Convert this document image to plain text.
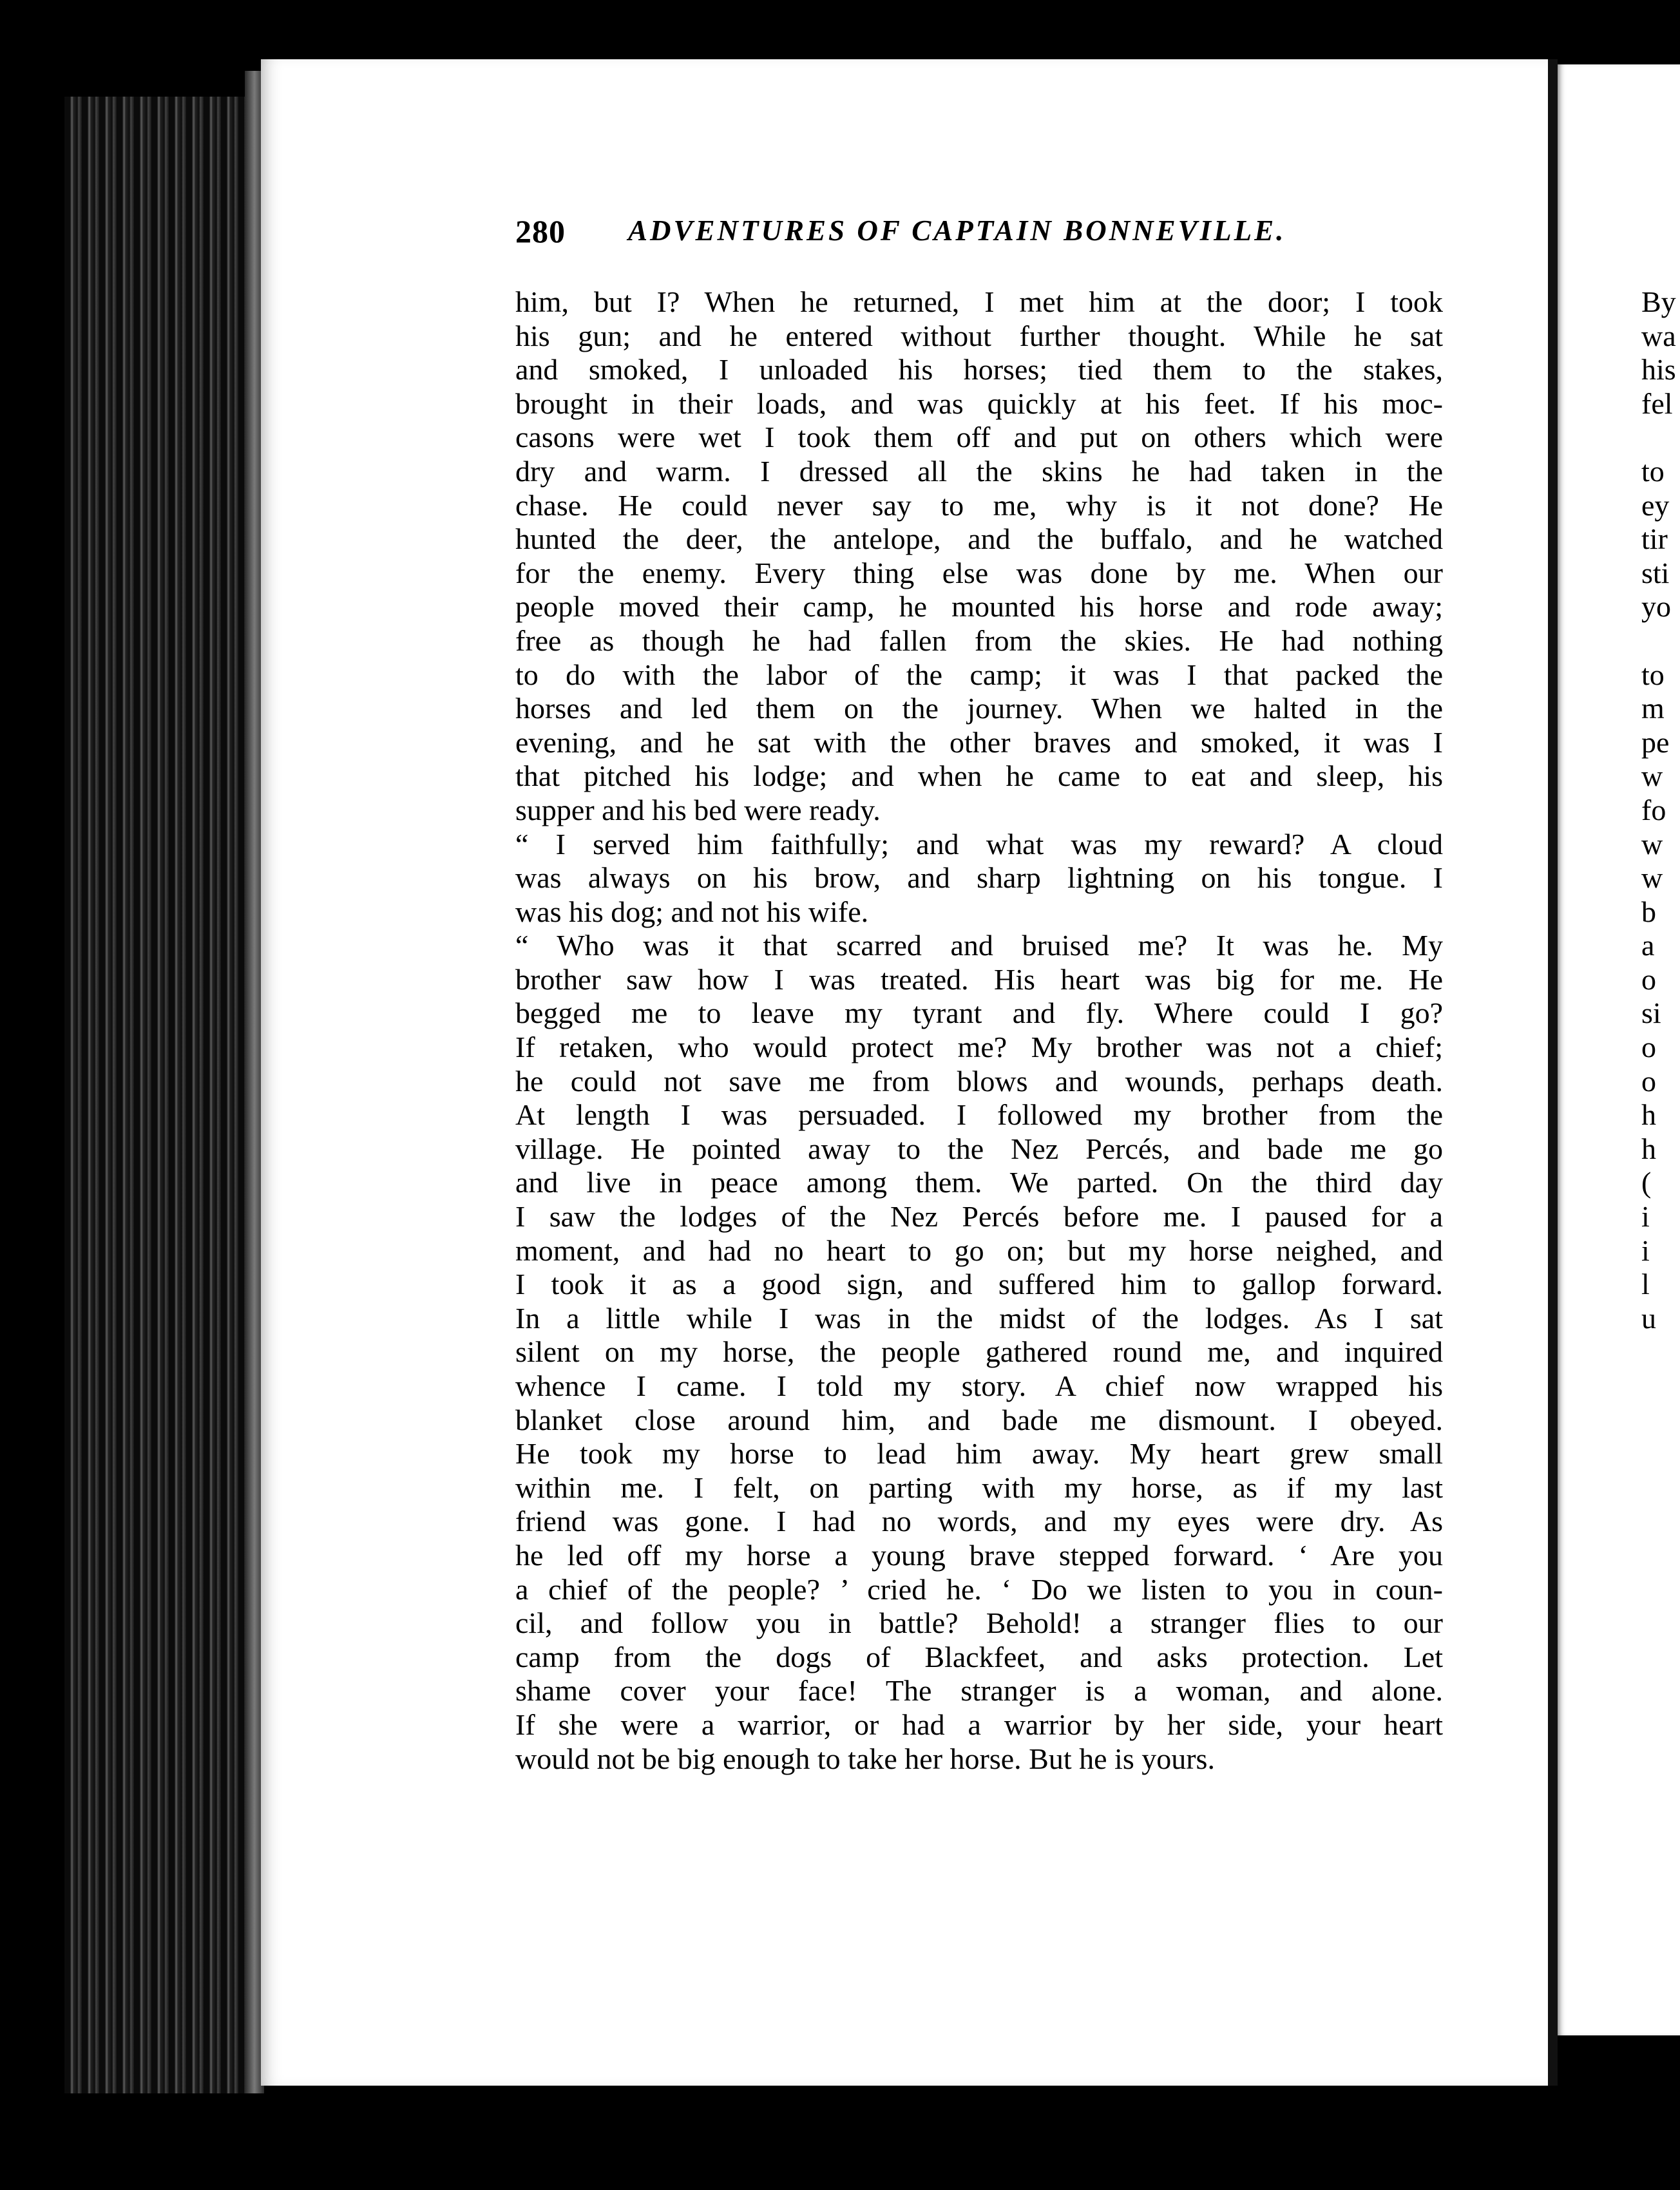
280 ADVENTURES OF CAPTAIN BONNEVILLE.
him, but I? When he returned, I met him at the door; I took
his gun; and he entered without further thought. While he sat
and smoked, I unloaded his horses; tied them to the stakes,
brought in their loads, and was quickly at his feet. If his moc-
casons were wet I took them off and put on others which were
dry and warm. I dressed all the skins he had taken in the
chase. He could never say to me, why is it not done? He
hunted the deer, the antelope, and the buffalo, and he watched
for the enemy. Every thing else was done by me. When our
people moved their camp, he mounted his horse and rode away;
free as though he had fallen from the skies. He had nothing
to do with the labor of the camp; it was I that packed the
horses and led them on the journey. When we halted in the
evening, and he sat with the other braves and smoked, it was I
that pitched his lodge; and when he came to eat and sleep, his
supper and his bed were ready.
“ I served him faithfully; and what was my reward? A cloud
was always on his brow, and sharp lightning on his tongue. I
was his dog; and not his wife.
“ Who was it that scarred and bruised me? It was he. My
brother saw how I was treated. His heart was big for me. He
begged me to leave my tyrant and fly. Where could I go?
If retaken, who would protect me? My brother was not a chief;
he could not save me from blows and wounds, perhaps death.
At length I was persuaded. I followed my brother from the
village. He pointed away to the Nez Percés, and bade me go
and live in peace among them. We parted. On the third day
I saw the lodges of the Nez Percés before me. I paused for a
moment, and had no heart to go on; but my horse neighed, and
I took it as a good sign, and suffered him to gallop forward.
In a little while I was in the midst of the lodges. As I sat
silent on my horse, the people gathered round me, and inquired
whence I came. I told my story. A chief now wrapped his
blanket close around him, and bade me dismount. I obeyed.
He took my horse to lead him away. My heart grew small
within me. I felt, on parting with my horse, as if my last
friend was gone. I had no words, and my eyes were dry. As
he led off my horse a young brave stepped forward. ‘ Are you
a chief of the people? ’ cried he. ‘ Do we listen to you in coun-
cil, and follow you in battle? Behold! a stranger flies to our
camp from the dogs of Blackfeet, and asks protection. Let
shame cover your face! The stranger is a woman, and alone.
If she were a warrior, or had a warrior by her side, your heart
would not be big enough to take her horse. But he is yours.
By
wa
his
fel
to
ey
tir
sti
yo
to
m
pe
w
fo
w
w
b
a
o
si
o
o
h
h
(
i
i
l
u
